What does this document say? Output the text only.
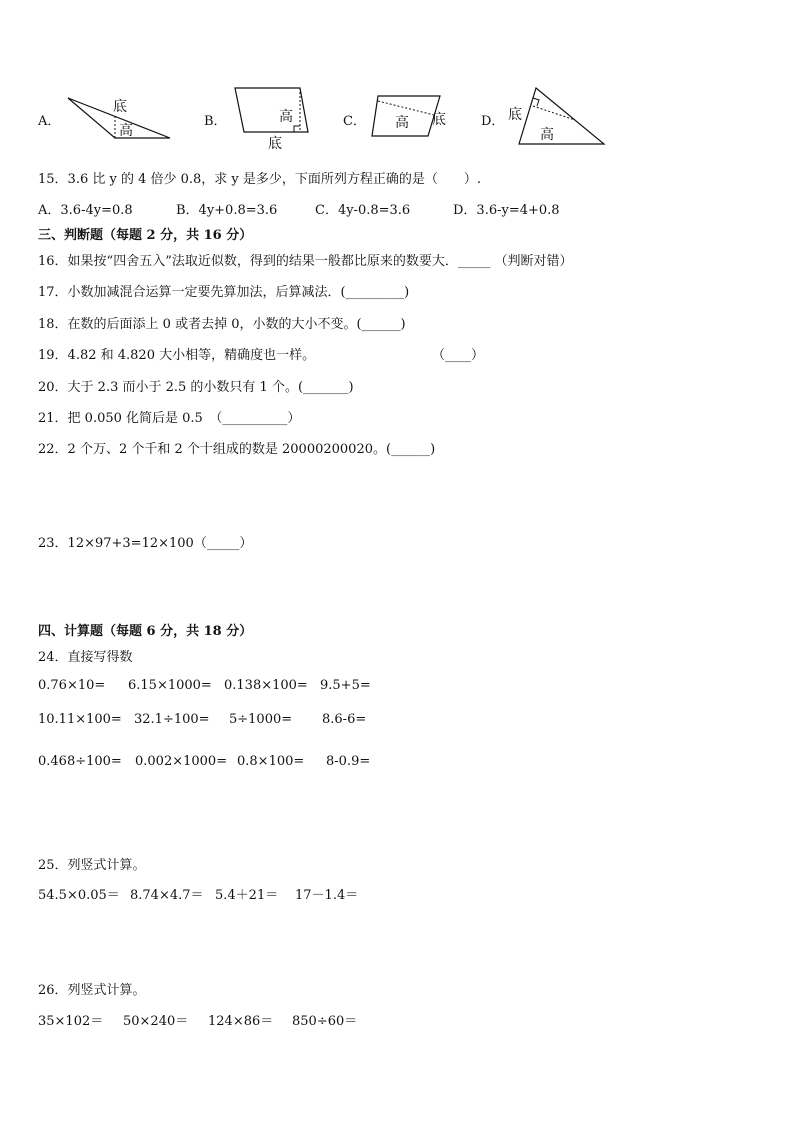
A．
底
高
B．	高
底
C． 高 底	D． 底
高
15．3.6 比 y 的 4 倍少 0.8，求 y 是多少，下面所列方程正确的是（　　）.
A．3.6-4y=0.8	B．4y+0.8=3.6	C．4y-0.8=3.6	D．3.6-y=4+0.8
三、判断题（每题 2 分，共 16 分）
16．如果按“四舍五入”法取近似数，得到的结果一般都比原来的数要大．_____ （判断对错）
17．小数加减混合运算一定要先算加法，后算减法．(_________)
18．在数的后面添上 0 或者去掉 0，小数的大小不变。(______)
19．4.82 和 4.820 大小相等，精确度也一样。	（____）
20．大于 2.3 而小于 2.5 的小数只有 1 个。(_______)
21．把 0.050 化简后是 0.5　（__________）
22．2 个万、2 个千和 2 个十组成的数是 20000200020。(______)
23．12×97+3=12×100（_____）
四、计算题（每题 6 分，共 18 分）
24．直接写得数
0.76×10= 6.15×1000= 0.138×100= 9.5+5=
10.11×100= 32.1÷100= 5÷1000= 8.6-6=
0.468÷100= 0.002×1000= 0.8×100= 8-0.9=
25．列竖式计算。
54.5×0.05＝ 8.74×4.7＝ 5.4＋21＝ 17－1.4＝
26．列竖式计算。
35×102＝ 50×240＝ 124×86＝ 850÷60＝
